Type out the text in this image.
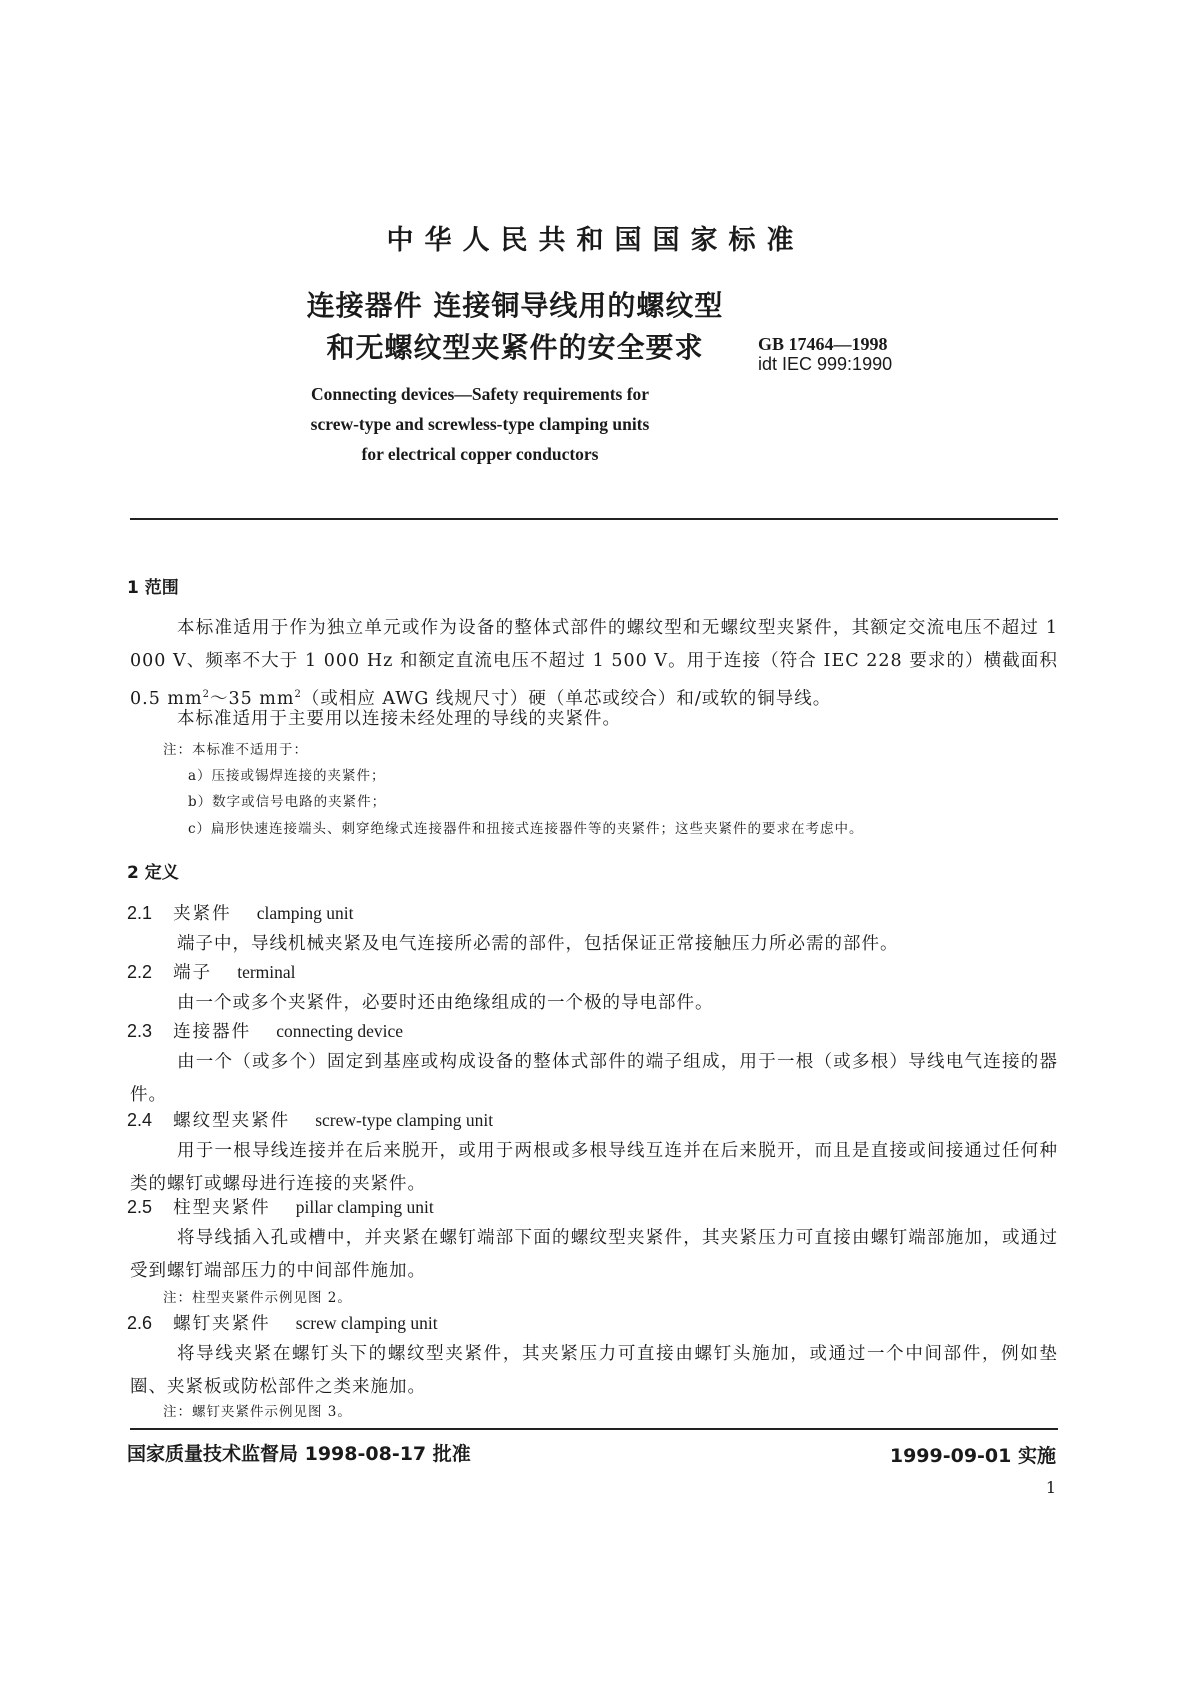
中华人民共和国国家标准
连接器件 连接铜导线用的螺纹型
和无螺纹型夹紧件的安全要求	GB 17464—1998
idt IEC 999:1990
Connecting devices—Safety requirements for
screw-type and screwless-type clamping units
for electrical copper conductors
1 范围
本标准适用于作为独立单元或作为设备的整体式部件的螺纹型和无螺纹型夹紧件，其额定交流电压不超过 1 000 V、频率不大于 1 000 Hz 和额定直流电压不超过 1 500 V。用于连接（符合 IEC 228 要求的）横截面积 0.5 $mm^2\sim 35$ $mm^2$（或相应 AWG 线规尺寸）硬（单芯或绞合）和/或软的铜导线。
本标准适用于主要用以连接未经处理的导线的夹紧件。
注：本标准不适用于：
a）压接或锡焊连接的夹紧件；
b）数字或信号电路的夹紧件；
c）扁形快速连接端头、刺穿绝缘式连接器件和扭接式连接器件等的夹紧件；这些夹紧件的要求在考虑中。
2 定义
2.1 夹紧件 clamping unit
端子中，导线机械夹紧及电气连接所必需的部件，包括保证正常接触压力所必需的部件。
2.2 端子 terminal
由一个或多个夹紧件，必要时还由绝缘组成的一个极的导电部件。
2.3 连接器件 connecting device
由一个（或多个）固定到基座或构成设备的整体式部件的端子组成，用于一根（或多根）导线电气连接的器件。
2.4 螺纹型夹紧件 screw-type clamping unit
用于一根导线连接并在后来脱开，或用于两根或多根导线互连并在后来脱开，而且是直接或间接通过任何种类的螺钉或螺母进行连接的夹紧件。
2.5 柱型夹紧件 pillar clamping unit
将导线插入孔或槽中，并夹紧在螺钉端部下面的螺纹型夹紧件，其夹紧压力可直接由螺钉端部施加，或通过受到螺钉端部压力的中间部件施加。
注：柱型夹紧件示例见图 2。
2.6 螺钉夹紧件 screw clamping unit
将导线夹紧在螺钉头下的螺纹型夹紧件，其夹紧压力可直接由螺钉头施加，或通过一个中间部件，例如垫圈、夹紧板或防松部件之类来施加。
注：螺钉夹紧件示例见图 3。
国家质量技术监督局 1998-08-17 批准	1999-09-01 实施
1
